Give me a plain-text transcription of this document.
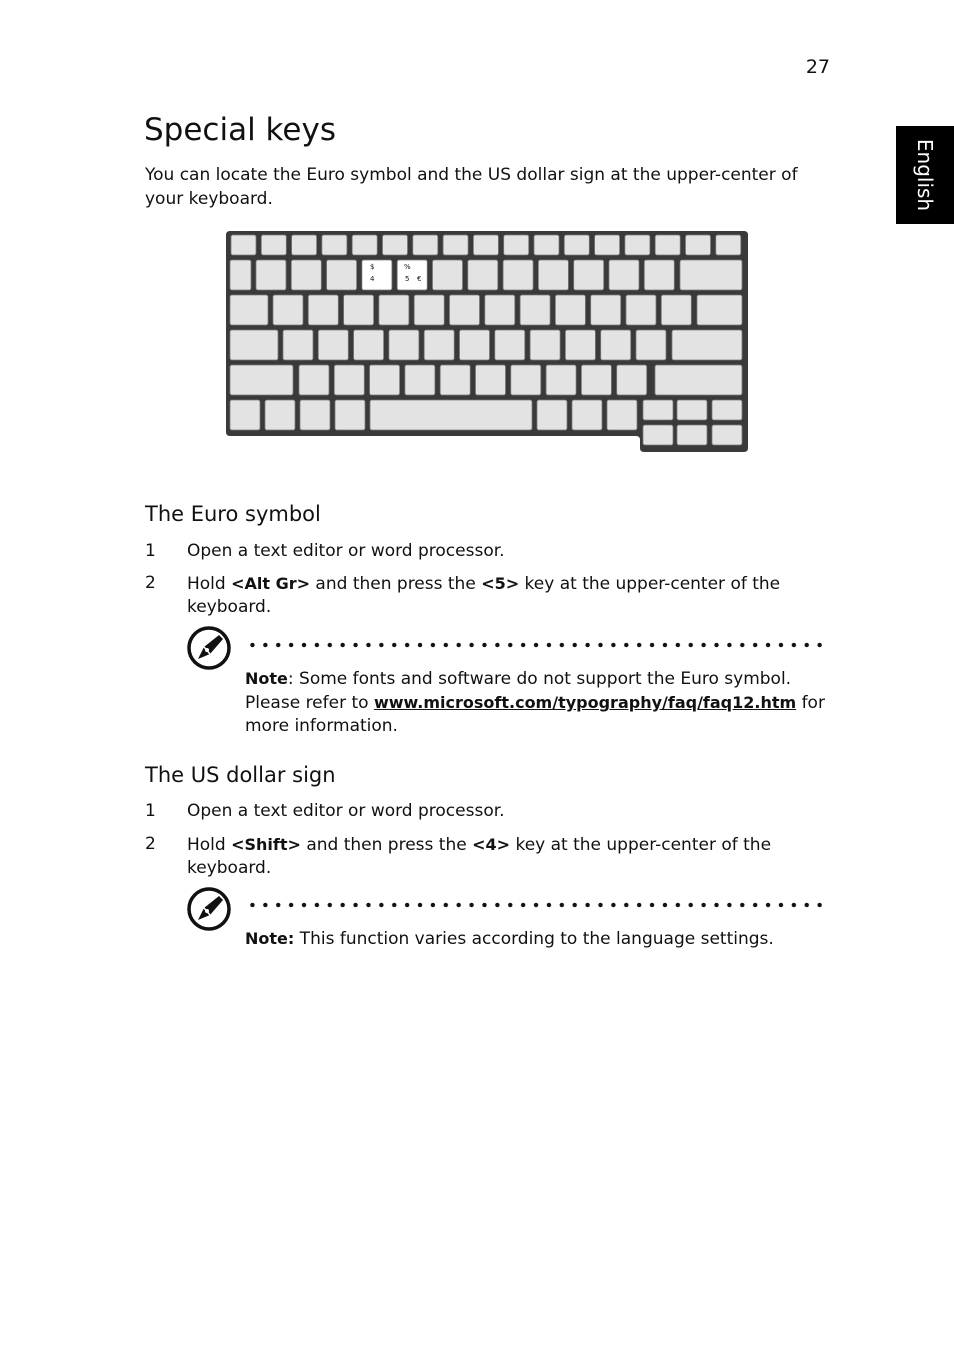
27
English
Special keys

You can locate the Euro symbol and the US dollar sign at the upper-center of your keyboard.

$
4
%
5 €
The Euro symbol
1 Open a text editor or word processor.
2 Hold <Alt Gr> and then press the <5> key at the upper-center of the keyboard.

Note: Some fonts and software do not support the Euro symbol. Please refer to www.microsoft.com/typography/faq/faq12.htm for more information.

The US dollar sign
1 Open a text editor or word processor.
2 Hold <Shift> and then press the <4> key at the upper-center of the keyboard.

Note: This function varies according to the language settings.
